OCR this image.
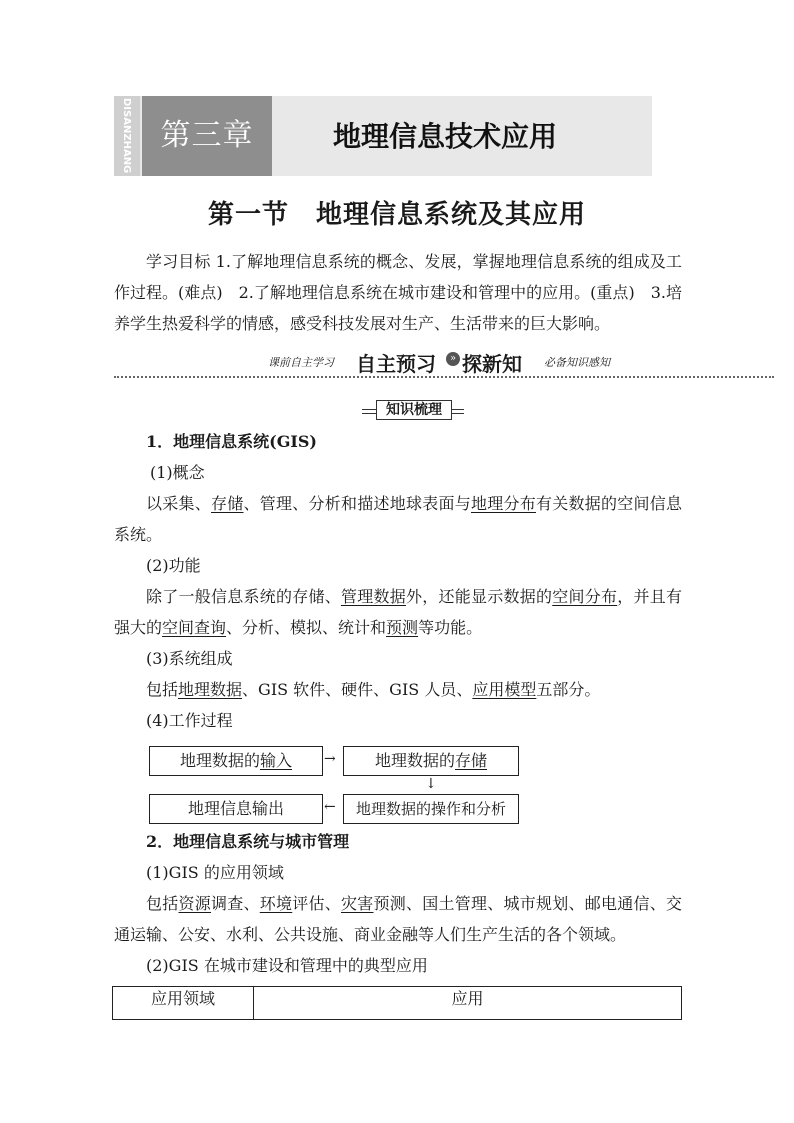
DISANZHANG 第三章	地理信息技术应用
第一节　地理信息系统及其应用
学习目标 1.了解地理信息系统的概念、发展，掌握地理信息系统的组成及工作过程。(难点)　2.了解地理信息系统在城市建设和管理中的应用。(重点)　3.培养学生热爱科学的情感，感受科技发展对生产、生活带来的巨大影响。
课前自主学习 自主预习	» 探新知 必备知识感知
知识梳理
1．地理信息系统(GIS)
(1)概念
以采集、存储、管理、分析和描述地球表面与地理分布有关数据的空间信息系统。
(2)功能
除了一般信息系统的存储、管理数据外，还能显示数据的空间分布，并且有强大的空间查询、分析、模拟、统计和预测等功能。
(3)系统组成
包括地理数据、GIS 软件、硬件、GIS 人员、应用模型五部分。
(4)工作过程
地理数据的输入	→	地理数据的存储
↓
地理数据的操作和分析
←
地理信息输出
2．地理信息系统与城市管理
(1)GIS 的应用领域
包括资源调查、环境评估、灾害预测、国土管理、城市规划、邮电通信、交通运输、公安、水利、公共设施、商业金融等人们生产生活的各个领域。
(2)GIS 在城市建设和管理中的典型应用
应用领域	应用
